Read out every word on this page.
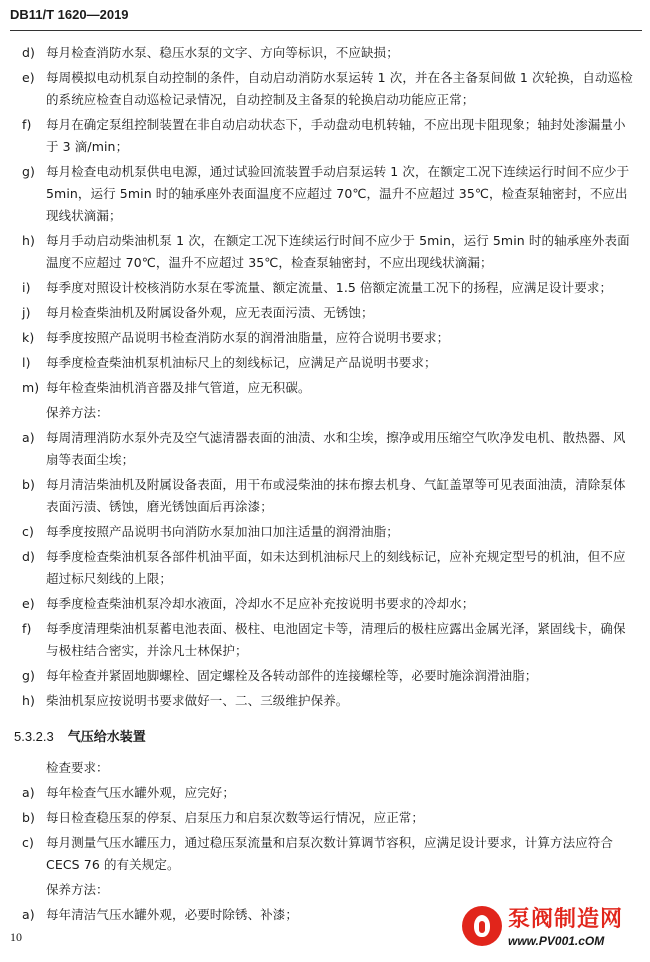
DB11/T 1620—2019
d) 每月检查消防水泵、稳压水泵的文字、方向等标识，不应缺损；
e) 每周模拟电动机泵自动控制的条件，自动启动消防水泵运转 1 次，并在各主备泵间做 1 次轮换，自动巡检的系统应检查自动巡检记录情况，自动控制及主备泵的轮换启动功能应正常；
f)	每月在确定泵组控制装置在非自动启动状态下，手动盘动电机转轴，不应出现卡阻现象；轴封处渗漏量小于 3 滴/min；
g) 每月检查电动机泵供电电源，通过试验回流装置手动启泵运转 1 次，在额定工况下连续运行时间不应少于 5min，运行 5min 时的轴承座外表面温度不应超过 70℃，温升不应超过 35℃，检查泵轴密封，不应出现线状滴漏；
h) 每月手动启动柴油机泵 1 次，在额定工况下连续运行时间不应少于 5min，运行 5min 时的轴承座外表面温度不应超过 70℃，温升不应超过 35℃，检查泵轴密封，不应出现线状滴漏；
i)	每季度对照设计校核消防水泵在零流量、额定流量、1.5 倍额定流量工况下的扬程，应满足设计要求；
j)	每月检查柴油机及附属设备外观，应无表面污渍、无锈蚀；
k) 每季度按照产品说明书检查消防水泵的润滑油脂量，应符合说明书要求；
l)	每季度检查柴油机泵机油标尺上的刻线标记，应满足产品说明书要求；
m) 每年检查柴油机消音器及排气管道，应无积碳。
保养方法：
a) 每周清理消防水泵外壳及空气滤清器表面的油渍、水和尘埃，擦净或用压缩空气吹净发电机、散热器、风扇等表面尘埃；
b) 每月清洁柴油机及附属设备表面，用干布或浸柴油的抹布擦去机身、气缸盖罩等可见表面油渍，清除泵体表面污渍、锈蚀，磨光锈蚀面后再涂漆；
c) 每季度按照产品说明书向消防水泵加油口加注适量的润滑油脂；
d) 每季度检查柴油机泵各部件机油平面，如未达到机油标尺上的刻线标记，应补充规定型号的机油，但不应超过标尺刻线的上限；
e) 每季度检查柴油机泵冷却水液面，冷却水不足应补充按说明书要求的冷却水；
f)	每季度清理柴油机泵蓄电池表面、极柱、电池固定卡等，清理后的极柱应露出金属光泽，紧固线卡，确保与极柱结合密实，并涂凡士林保护；
g) 每年检查并紧固地脚螺栓、固定螺栓及各转动部件的连接螺栓等，必要时施涂润滑油脂；
h) 柴油机泵应按说明书要求做好一、二、三级维护保养。
5.3.2.3 气压给水装置
检查要求：
a) 每年检查气压水罐外观，应完好；
b) 每日检查稳压泵的停泵、启泵压力和启泵次数等运行情况，应正常；
c) 每月测量气压水罐压力，通过稳压泵流量和启泵次数计算调节容积，应满足设计要求，计算方法应符合 CECS 76 的有关规定。
保养方法：
a) 每年清洁气压水罐外观，必要时除锈、补漆；
10
泵阀制造网
www.PV001.cOM
